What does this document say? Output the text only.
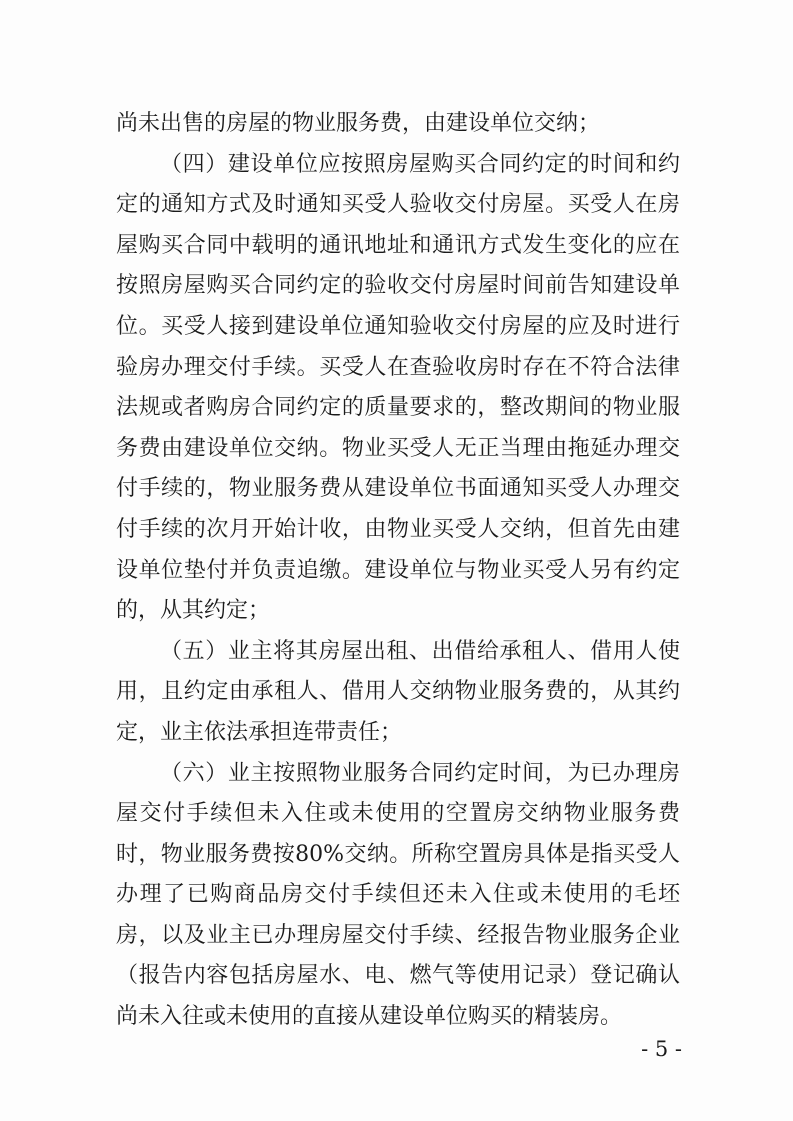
尚未出售的房屋的物业服务费，由建设单位交纳；

（四）建设单位应按照房屋购买合同约定的时间和约定的通知方式及时通知买受人验收交付房屋。买受人在房屋购买合同中载明的通讯地址和通讯方式发生变化的应在按照房屋购买合同约定的验收交付房屋时间前告知建设单位。买受人接到建设单位通知验收交付房屋的应及时进行验房办理交付手续。买受人在查验收房时存在不符合法律法规或者购房合同约定的质量要求的，整改期间的物业服务费由建设单位交纳。物业买受人无正当理由拖延办理交付手续的，物业服务费从建设单位书面通知买受人办理交付手续的次月开始计收，由物业买受人交纳，但首先由建设单位垫付并负责追缴。建设单位与物业买受人另有约定的，从其约定；

（五）业主将其房屋出租、出借给承租人、借用人使用，且约定由承租人、借用人交纳物业服务费的，从其约定，业主依法承担连带责任；

（六）业主按照物业服务合同约定时间，为已办理房屋交付手续但未入住或未使用的空置房交纳物业服务费时，物业服务费按80%交纳。所称空置房具体是指买受人办理了已购商品房交付手续但还未入住或未使用的毛坯房，以及业主已办理房屋交付手续、经报告物业服务企业（报告内容包括房屋水、电、燃气等使用记录）登记确认尚未入往或未使用的直接从建设单位购买的精装房。

- 5 -
